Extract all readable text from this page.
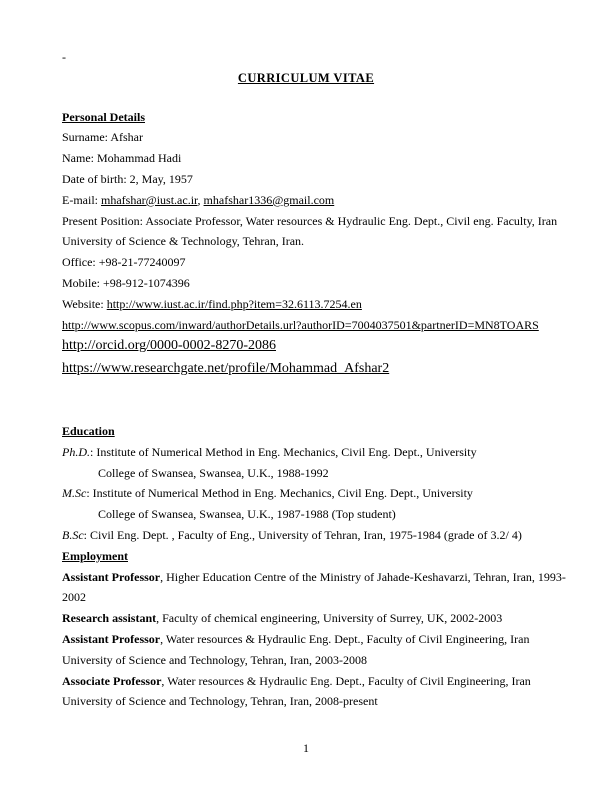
-
CURRICULUM VITAE
Personal Details
Surname: Afshar
Name: Mohammad Hadi
Date of birth: 2, May, 1957
E-mail: mhafshar@iust.ac.ir, mhafshar1336@gmail.com
Present Position: Associate Professor, Water resources & Hydraulic Eng. Dept., Civil eng. Faculty, Iran
University of Science & Technology, Tehran, Iran.
Office: +98-21-77240097
Mobile: +98-912-1074396
Website: http://www.iust.ac.ir/find.php?item=32.6113.7254.en
http://www.scopus.com/inward/authorDetails.url?authorID=7004037501&partnerID=MN8TOARS
http://orcid.org/0000-0002-8270-2086
https://www.researchgate.net/profile/Mohammad_Afshar2
Education
Ph.D.: Institute of Numerical Method in Eng. Mechanics, Civil Eng. Dept., University
College of Swansea, Swansea, U.K., 1988-1992
M.Sc: Institute of Numerical Method in Eng. Mechanics, Civil Eng. Dept., University
College of Swansea, Swansea, U.K., 1987-1988 (Top student)
B.Sc: Civil Eng. Dept. , Faculty of Eng., University of Tehran, Iran, 1975-1984 (grade of 3.2/ 4)
Employment
Assistant Professor, Higher Education Centre of the Ministry of Jahade-Keshavarzi, Tehran, Iran, 1993-
2002
Research assistant, Faculty of chemical engineering, University of Surrey, UK, 2002-2003
Assistant Professor, Water resources & Hydraulic Eng. Dept., Faculty of Civil Engineering, Iran
University of Science and Technology, Tehran, Iran, 2003-2008
Associate Professor, Water resources & Hydraulic Eng. Dept., Faculty of Civil Engineering, Iran
University of Science and Technology, Tehran, Iran, 2008-present
1
